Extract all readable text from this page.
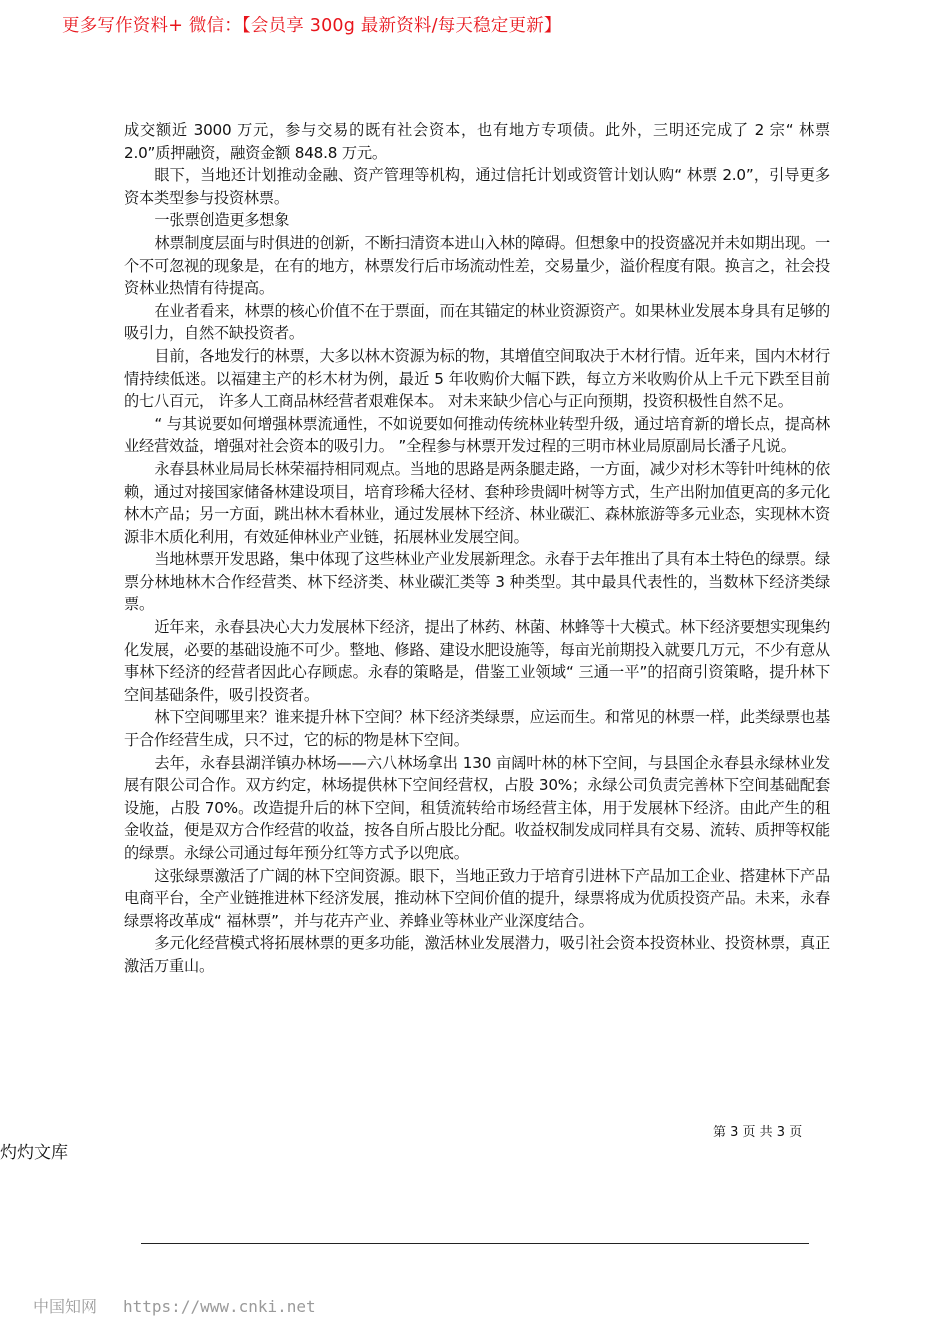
更多写作资料+ 微信：【会员享 300g 最新资料/每天稳定更新】

成交额近 3000 万元，参与交易的既有社会资本，也有地方专项债。此外，三明还完成了 2 宗“ 林票 2.0”质押融资，融资金额 848.8 万元。

眼下，当地还计划推动金融、资产管理等机构，通过信托计划或资管计划认购“ 林票 2.0”，引导更多资本类型参与投资林票。

一张票创造更多想象

林票制度层面与时俱进的创新，不断扫清资本进山入林的障碍。但想象中的投资盛况并未如期出现。一个不可忽视的现象是，在有的地方，林票发行后市场流动性差，交易量少，溢价程度有限。换言之，社会投资林业热情有待提高。

在业者看来，林票的核心价值不在于票面，而在其锚定的林业资源资产。如果林业发展本身具有足够的吸引力，自然不缺投资者。

目前，各地发行的林票，大多以林木资源为标的物，其增值空间取决于木材行情。近年来，国内木材行情持续低迷。以福建主产的杉木材为例，最近 5 年收购价大幅下跌，每立方米收购价从上千元下跌至目前的七八百元， 许多人工商品林经营者艰难保本。 对未来缺少信心与正向预期，投资积极性自然不足。

“ 与其说要如何增强林票流通性，不如说要如何推动传统林业转型升级，通过培育新的增长点，提高林业经营效益，增强对社会资本的吸引力。 ”全程参与林票开发过程的三明市林业局原副局长潘子凡说。

永春县林业局局长林荣福持相同观点。当地的思路是两条腿走路，一方面，减少对杉木等针叶纯林的依赖，通过对接国家储备林建设项目，培育珍稀大径材、套种珍贵阔叶树等方式，生产出附加值更高的多元化林木产品；另一方面，跳出林木看林业，通过发展林下经济、林业碳汇、森林旅游等多元业态，实现林木资源非木质化利用，有效延伸林业产业链，拓展林业发展空间。

当地林票开发思路，集中体现了这些林业产业发展新理念。永春于去年推出了具有本土特色的绿票。绿票分林地林木合作经营类、林下经济类、林业碳汇类等 3 种类型。其中最具代表性的，当数林下经济类绿票。

近年来，永春县决心大力发展林下经济，提出了林药、林菌、林蜂等十大模式。林下经济要想实现集约化发展，必要的基础设施不可少。整地、修路、建设水肥设施等，每亩光前期投入就要几万元，不少有意从事林下经济的经营者因此心存顾虑。永春的策略是，借鉴工业领域“ 三通一平”的招商引资策略，提升林下空间基础条件，吸引投资者。

林下空间哪里来？谁来提升林下空间？林下经济类绿票，应运而生。和常见的林票一样，此类绿票也基于合作经营生成，只不过，它的标的物是林下空间。

去年，永春县湖洋镇办林场——六八林场拿出 130 亩阔叶林的林下空间，与县国企永春县永绿林业发展有限公司合作。双方约定，林场提供林下空间经营权，占股 30%；永绿公司负责完善林下空间基础配套设施，占股 70%。改造提升后的林下空间，租赁流转给市场经营主体，用于发展林下经济。由此产生的租金收益，便是双方合作经营的收益，按各自所占股比分配。收益权制发成同样具有交易、流转、质押等权能的绿票。永绿公司通过每年预分红等方式予以兜底。

这张绿票激活了广阔的林下空间资源。眼下，当地正致力于培育引进林下产品加工企业、搭建林下产品电商平台，全产业链推进林下经济发展，推动林下空间价值的提升，绿票将成为优质投资产品。未来，永春绿票将改革成“ 福林票”，并与花卉产业、养蜂业等林业产业深度结合。

多元化经营模式将拓展林票的更多功能，激活林业发展潜力，吸引社会资本投资林业、投资林票，真正激活万重山。

第 3 页 共 3 页
灼灼文库
中国知网 https://www.cnki.net
